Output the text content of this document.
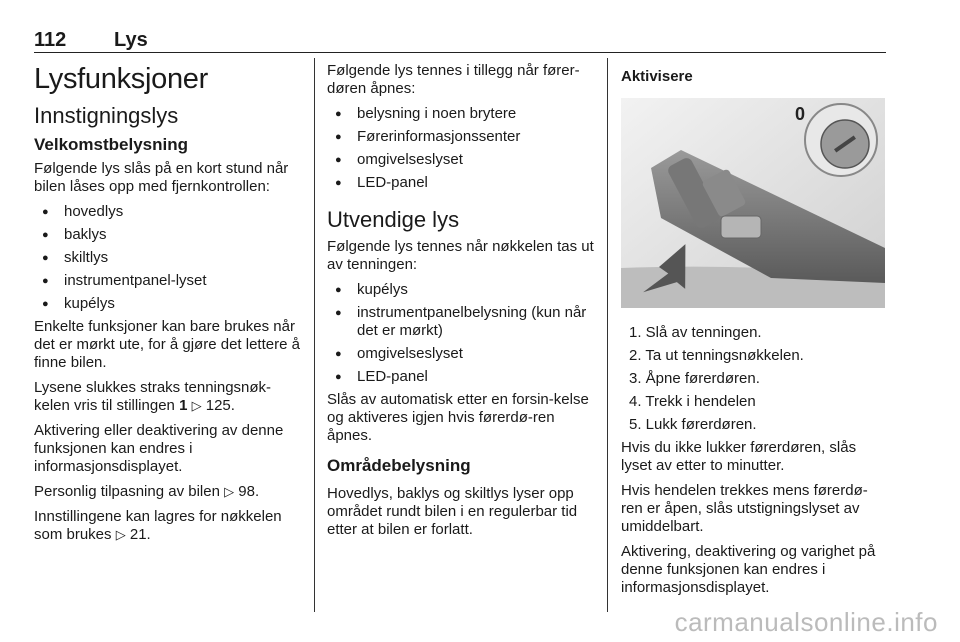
112 Lys
Lysfunksjoner
Innstigningslys
Velkomstbelysning

Følgende lys slås på en kort stund når bilen låses opp med fjernkontrollen:

● hovedlys
● baklys
● skiltlys
● instrumentpanel-lyset
● kupélys

Enkelte funksjoner kan bare brukes når det er mørkt ute, for å gjøre det lettere å finne bilen.

Lysene slukkes straks tenningsnøk-kelen vris til stillingen 1 ▷ 125.

Aktivering eller deaktivering av denne funksjonen kan endres i informasjonsdisplayet.

Personlig tilpasning av bilen ▷ 98.

Innstillingene kan lagres for nøkkelen som brukes ▷ 21.

Følgende lys tennes i tillegg når fører-døren åpnes:

● belysning i noen brytere
● Førerinformasjonssenter
● omgivelseslyset
● LED-panel
Utvendige lys

Følgende lys tennes når nøkkelen tas ut av tenningen:

● kupélys
● instrumentpanelbelysning (kun når det er mørkt)
● omgivelseslyset
● LED-panel

Slås av automatisk etter en forsin-kelse og aktiveres igjen hvis førerdø-ren åpnes.

Områdebelysning

Hovedlys, baklys og skiltlys lyser opp området rundt bilen i en regulerbar tid etter at bilen er forlatt.

Aktivisere
0
1. Slå av tenningen.
2. Ta ut tenningsnøkkelen.
3. Åpne førerdøren.
4. Trekk i hendelen
5. Lukk førerdøren.

Hvis du ikke lukker førerdøren, slås lyset av etter to minutter.

Hvis hendelen trekkes mens førerdø-ren er åpen, slås utstigningslyset av umiddelbart.

Aktivering, deaktivering og varighet på denne funksjonen kan endres i informasjonsdisplayet.

carmanualsonline.info
